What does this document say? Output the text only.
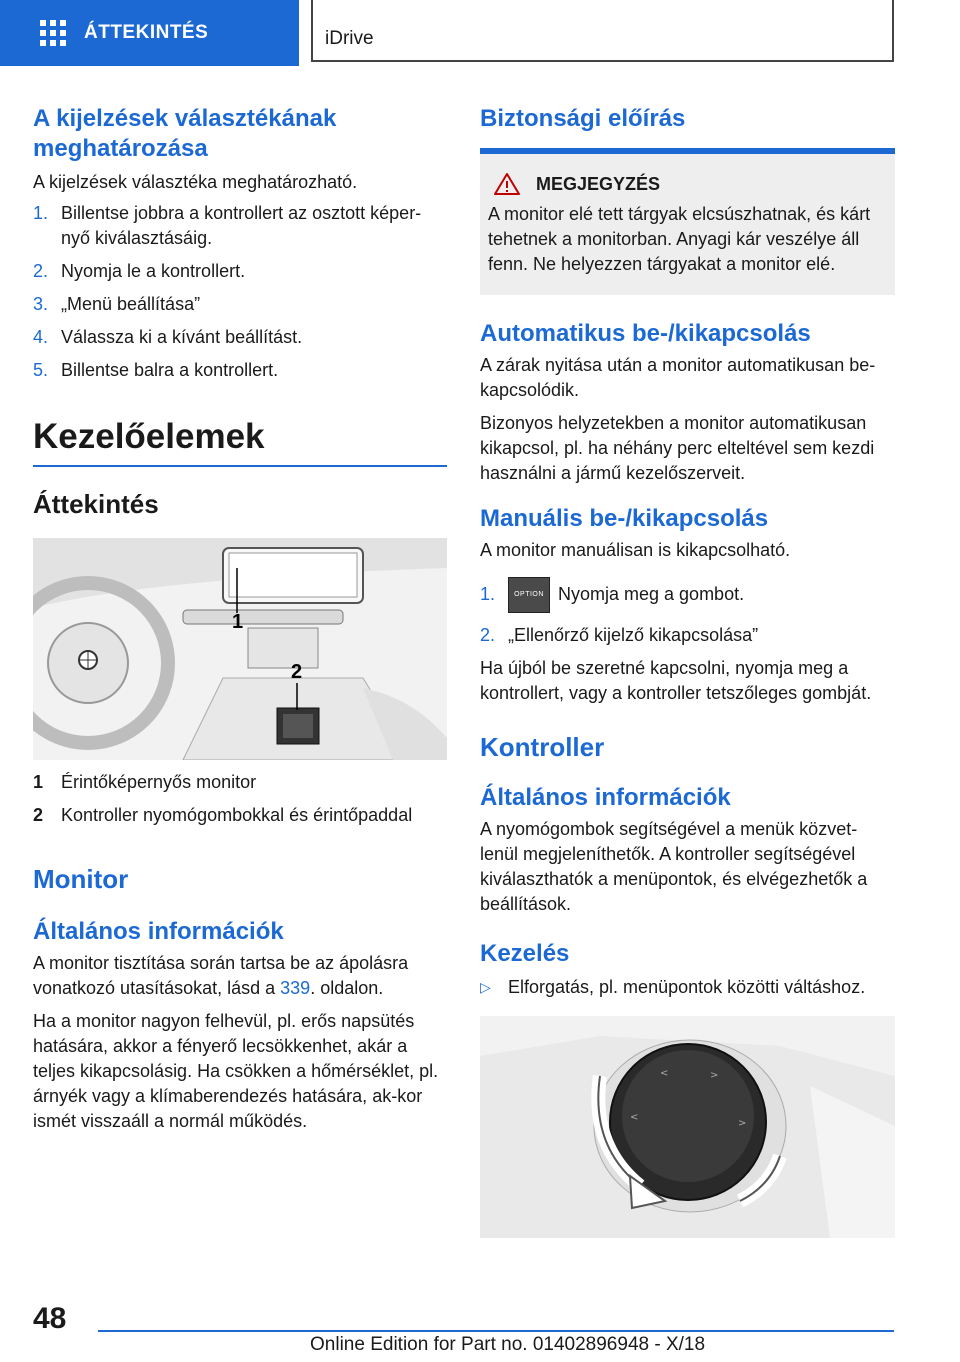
ÁTTEKINTÉS	iDrive
A kijelzések választékának meghatározása

A kijelzések választéka meghatározható.

1. Billentse jobbra a kontrollert az osztott képer‐nyő kiválasztásáig.
2. Nyomja le a kontrollert.
3. „Menü beállítása”
4. Válassza ki a kívánt beállítást.
5. Billentse balra a kontrollert.
Kezelőelemek
Áttekintés
1
2
1 Érintőképernyős monitor
2 Kontroller nyomógombokkal és érintőpaddal
Monitor
Általános információk

A monitor tisztítása során tartsa be az ápolásra vonatkozó utasításokat, lásd a 339. oldalon.

Ha a monitor nagyon felhevül, pl. erős napsütés hatására, akkor a fényerő lecsökkenhet, akár a teljes kikapcsolásig. Ha csökken a hőmérséklet, pl. árnyék vagy a klímaberendezés hatására, ak‐kor ismét visszaáll a normál működés.

Biztonsági előírás
MEGJEGYZÉS

A monitor elé tett tárgyak elcsúszhatnak, és kárt tehetnek a monitorban. Anyagi kár veszélye áll fenn. Ne helyezzen tárgyakat a monitor elé.

Automatikus be-/kikapcsolás

A zárak nyitása után a monitor automatikusan be‐kapcsolódik.

Bizonyos helyzetekben a monitor automatikusan kikapcsol, pl. ha néhány perc elteltével sem kezdi használni a jármű kezelőszerveit.

Manuális be-/kikapcsolás

A monitor manuálisan is kikapcsolható.

1.	OPTION Nyomja meg a gombot.
2. „Ellenőrző kijelző kikapcsolása”

Ha újból be szeretné kapcsolni, nyomja meg a kontrollert, vagy a kontroller tetszőleges gombját.

Kontroller
Általános információk

A nyomógombok segítségével a menük közvet‐lenül megjeleníthetők. A kontroller segítségével kiválaszthatók a menüpontok, és elvégezhetők a beállítások.

Kezelés
▷ Elforgatás, pl. menüpontok közötti váltáshoz.
<	>
<
>
48
Online Edition for Part no. 01402896948 - X/18
